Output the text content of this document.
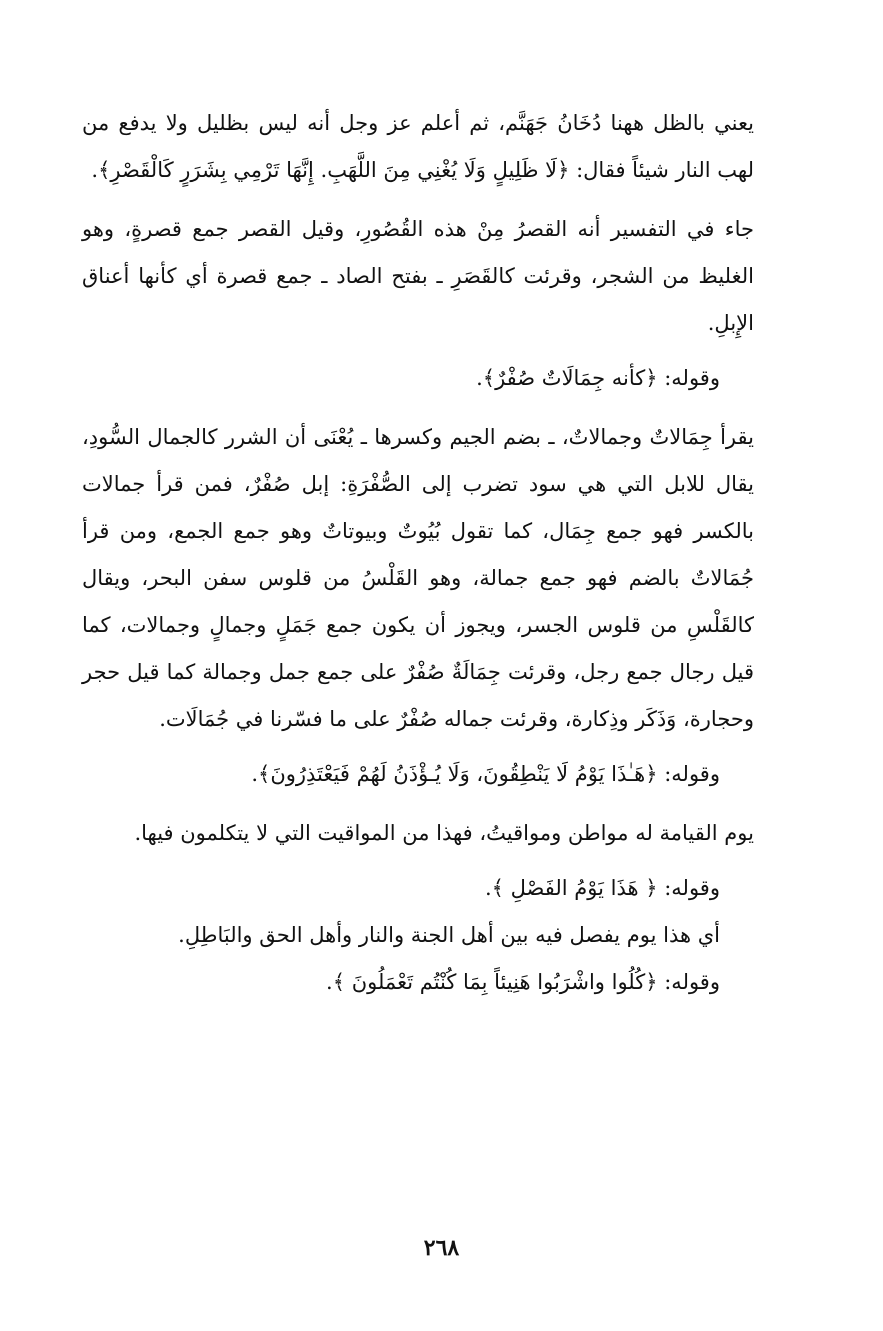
يعني بالظل ههنا دُخَانُ جَهَنَّم، ثم أعلم عز وجل أنه ليس بظليل ولا يدفع من لهب النار شيئاً فقال: ﴿لَا ظَلِيلٍ وَلَا يُغْنِي مِنَ اللَّهَبِ. إِنَّهَا تَرْمِي بِشَرَرٍ كَالْقَصْرِ﴾.

جاء في التفسير أنه القصرُ مِنْ هذه القُصُورِ، وقيل القصر جمع قصرةٍ، وهو الغليظ من الشجر، وقرئت كالقَصَرِ ـ بفتح الصاد ـ جمع قصرة أي كأنها أعناق الإِبلِ.

وقوله: ﴿كأنه جِمَالَاتٌ صُفْرٌ﴾.

يقرأ جِمَالاتٌ وجمالاتٌ، ـ بضم الجيم وكسرها ـ يُعْنَى أن الشرر كالجمال السُّودِ، يقال للابل التي هي سود تضرب إلى الصُّفْرَةِ: إبل صُفْرٌ، فمن قرأ جمالات بالكسر فهو جمع جِمَال، كما تقول بُيُوتٌ وبيوتاتٌ وهو جمع الجمع، ومن قرأ جُمَالاتٌ بالضم فهو جمع جمالة، وهو القَلْسُ من قلوس سفن البحر، ويقال كالقَلْسِ من قلوس الجسر، ويجوز أن يكون جمع جَمَلٍ وجمالٍ وجمالات، كما قيل رجال جمع رجل، وقرئت جِمَالَةٌ صُفْرٌ على جمع جمل وجمالة كما قيل حجر وحجارة، وَذَكَر وذِكارة، وقرئت جماله صُفْرٌ على ما فسّرنا في جُمَالَات.

وقوله: ﴿هَـٰذَا يَوْمُ لَا يَنْطِقُونَ، وَلَا يُـؤْذَنُ لَهُمْ فَيَعْتَذِرُونَ﴾.

يوم القيامة له مواطن ومواقيتُ، فهذا من المواقيت التي لا يتكلمون فيها.

وقوله: ﴿ هَذَا يَوْمُ الفَصْلِ ﴾.

أي هذا يوم يفصل فيه بين أهل الجنة والنار وأهل الحق والبَاطِلِ.

وقوله: ﴿كُلُوا واشْرَبُوا هَنِيئاً بِمَا كُنْتُم تَعْمَلُونَ ﴾.

٢٦٨
